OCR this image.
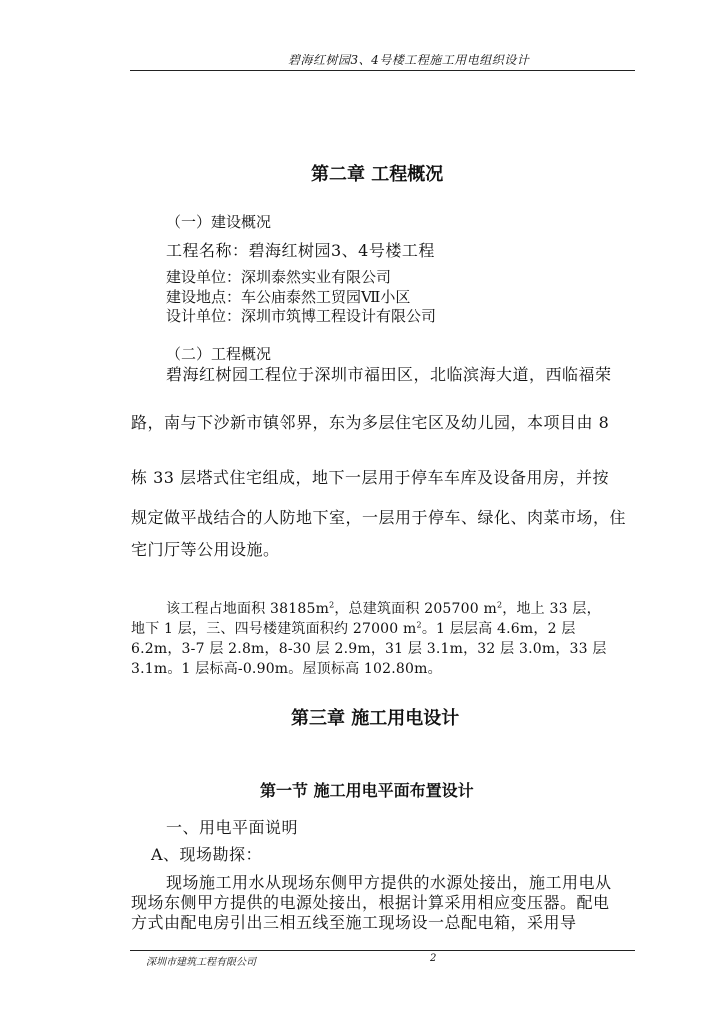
碧海红树园3、4号楼工程施工用电组织设计
第二章 工程概况
（一）建设概况
工程名称：碧海红树园3、4号楼工程
建设单位：深圳泰然实业有限公司
建设地点：车公庙泰然工贸园Ⅶ小区
设计单位：深圳市筑博工程设计有限公司
（二）工程概况
碧海红树园工程位于深圳市福田区，北临滨海大道，西临福荣
路，南与下沙新市镇邻界，东为多层住宅区及幼儿园，本项目由 8
栋 33 层塔式住宅组成，地下一层用于停车车库及设备用房，并按
规定做平战结合的人防地下室，一层用于停车、绿化、肉菜市场，住
宅门厅等公用设施。
该工程占地面积 $38185m^2$，总建筑面积 205700 $m^2$，地上 33 层，
地下 1 层，三、四号楼建筑面积约 27000 $m^2$。1 层层高 4.6m，2 层
6.2m，3-7 层 2.8m，8-30 层 2.9m，31 层 3.1m，32 层 3.0m，33 层
3.1m。1 层标高-0.90m。屋顶标高 102.80m。
第三章 施工用电设计
第一节 施工用电平面布置设计
一、用电平面说明
A、现场勘探：
现场施工用水从现场东侧甲方提供的水源处接出，施工用电从
现场东侧甲方提供的电源处接出，根据计算采用相应变压器。配电
方式由配电房引出三相五线至施工现场设一总配电箱，采用导
深圳市建筑工程有限公司	2
